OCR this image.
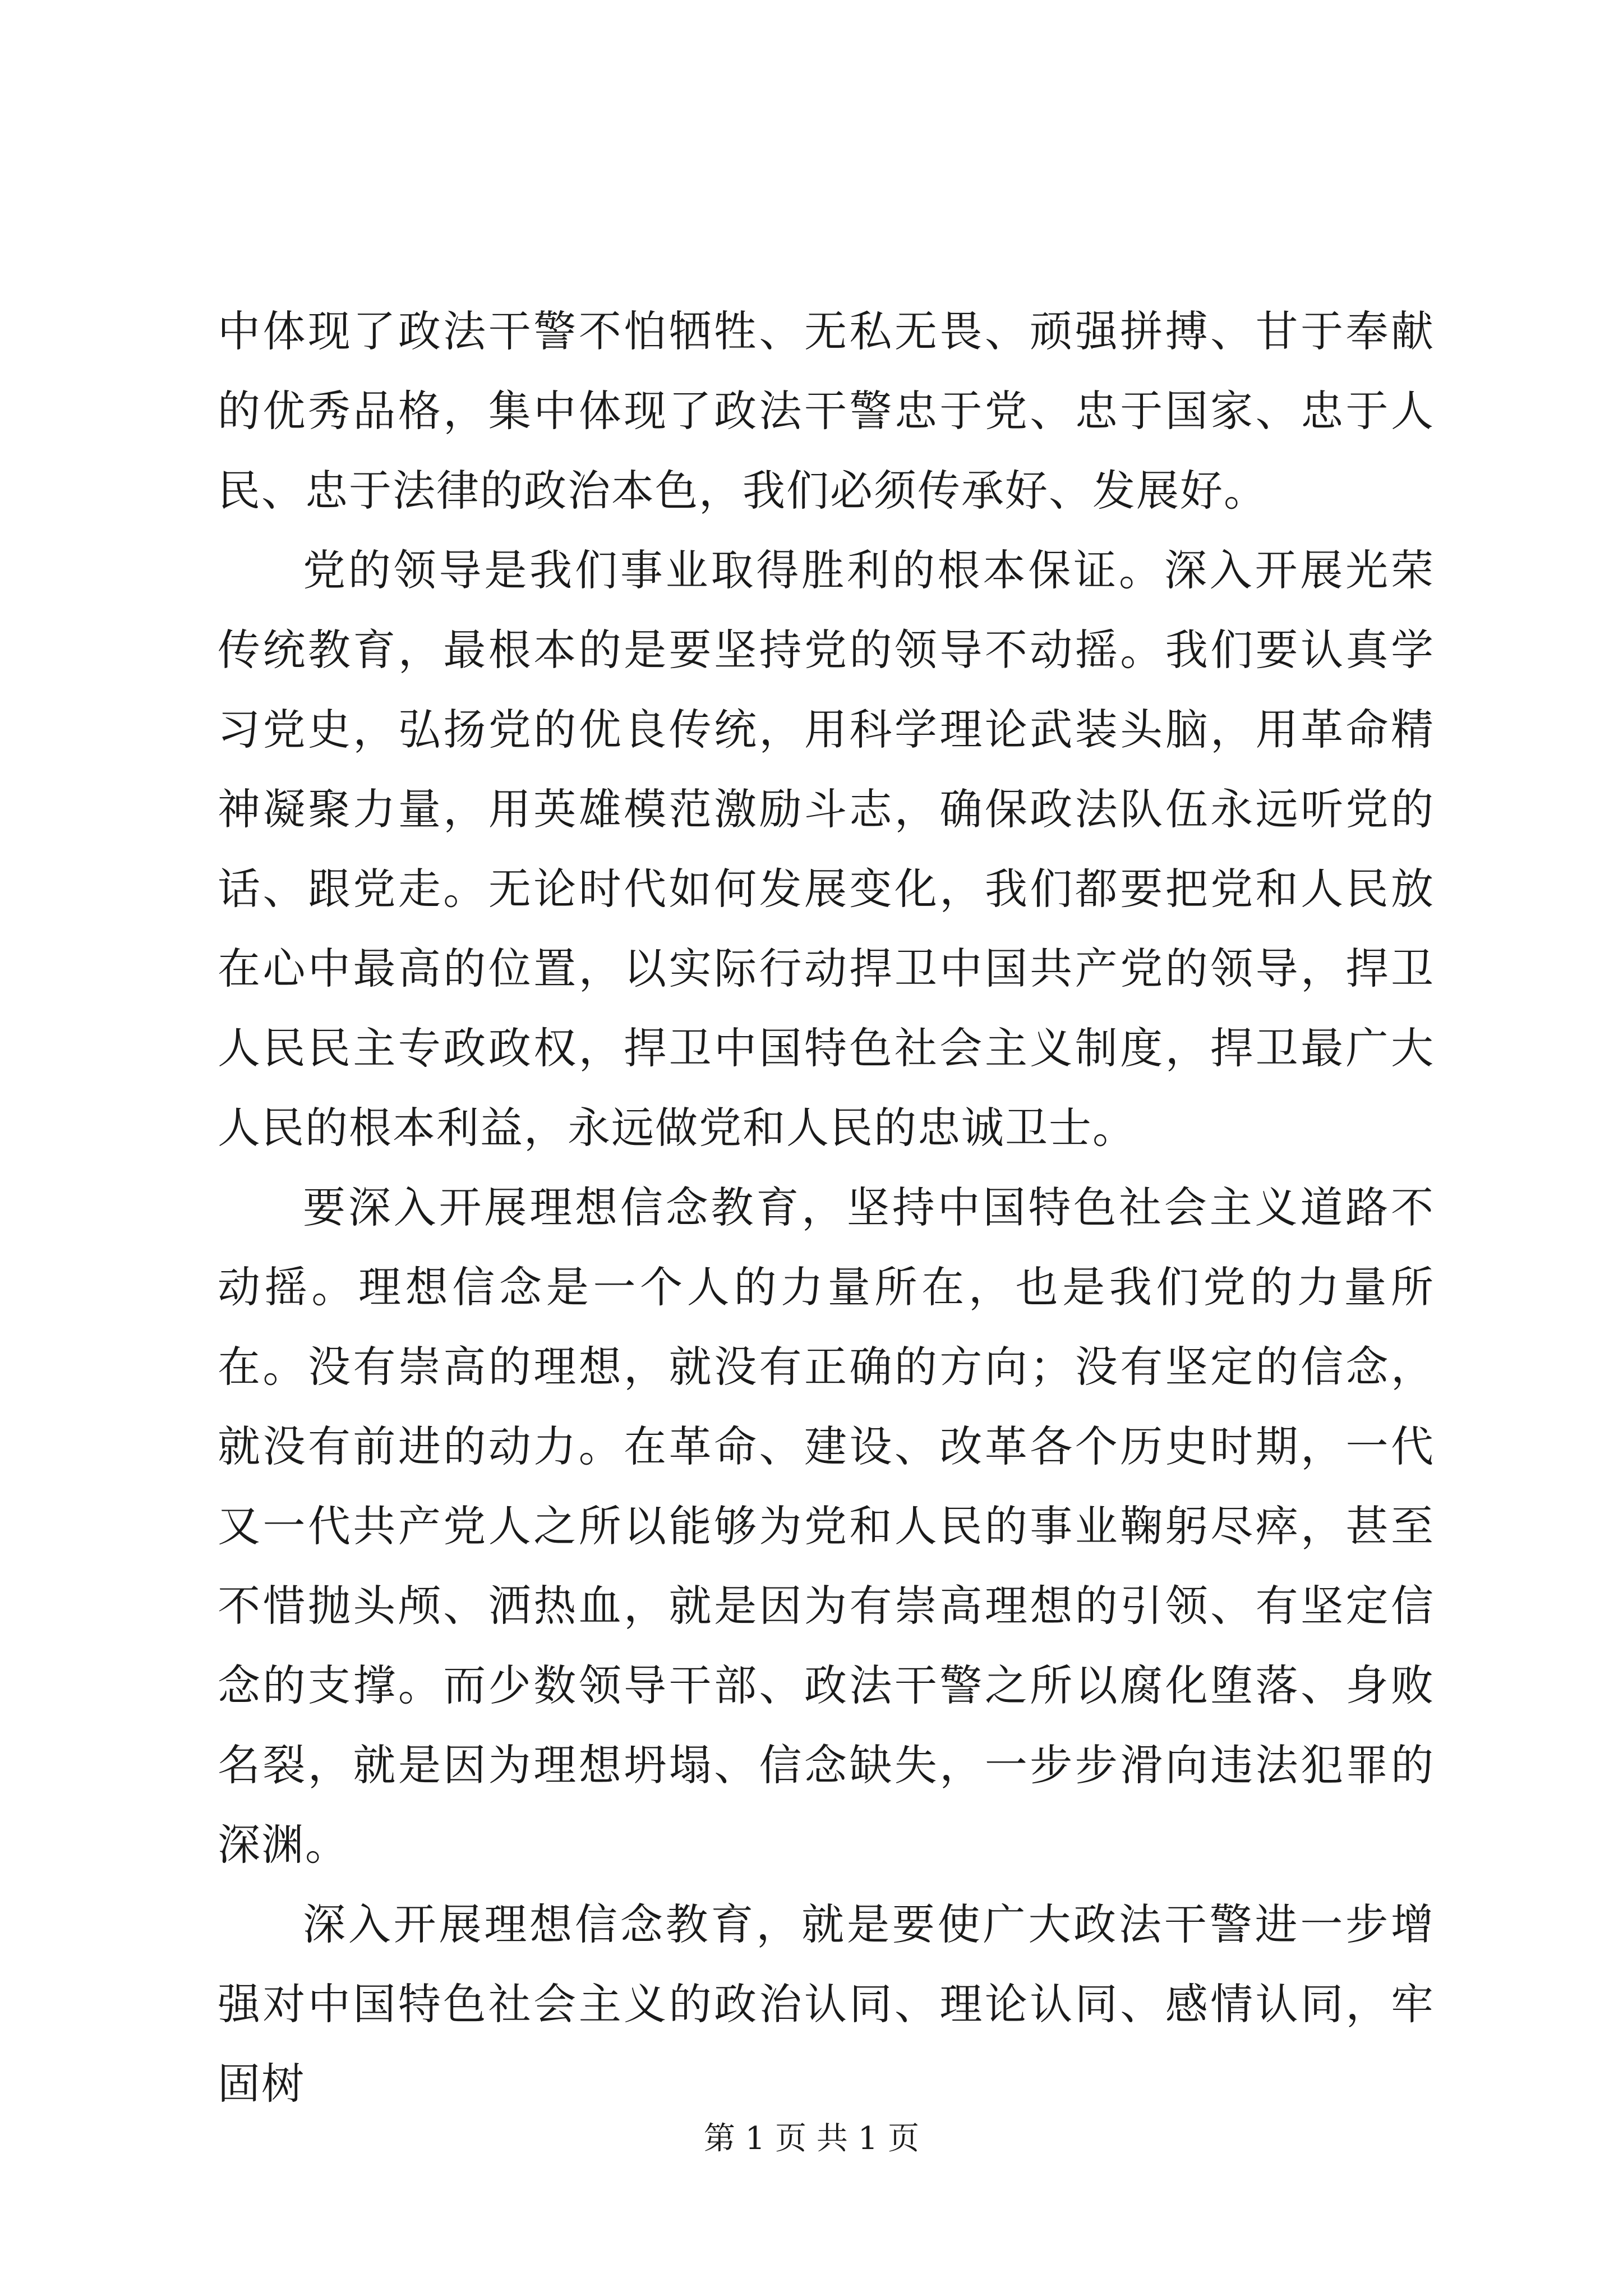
中体现了政法干警不怕牺牲、无私无畏、顽强拼搏、甘于奉献的优秀品格，集中体现了政法干警忠于党、忠于国家、忠于人民、忠于法律的政治本色，我们必须传承好、发展好。

党的领导是我们事业取得胜利的根本保证。深入开展光荣传统教育，最根本的是要坚持党的领导不动摇。我们要认真学习党史，弘扬党的优良传统，用科学理论武装头脑，用革命精神凝聚力量，用英雄模范激励斗志，确保政法队伍永远听党的话、跟党走。无论时代如何发展变化，我们都要把党和人民放在心中最高的位置，以实际行动捍卫中国共产党的领导，捍卫人民民主专政政权，捍卫中国特色社会主义制度，捍卫最广大人民的根本利益，永远做党和人民的忠诚卫士。

要深入开展理想信念教育，坚持中国特色社会主义道路不动摇。理想信念是一个人的力量所在，也是我们党的力量所在。没有崇高的理想，就没有正确的方向；没有坚定的信念，就没有前进的动力。在革命、建设、改革各个历史时期，一代又一代共产党人之所以能够为党和人民的事业鞠躬尽瘁，甚至不惜抛头颅、洒热血，就是因为有崇高理想的引领、有坚定信念的支撑。而少数领导干部、政法干警之所以腐化堕落、身败名裂，就是因为理想坍塌、信念缺失，一步步滑向违法犯罪的深渊。

深入开展理想信念教育，就是要使广大政法干警进一步增强对中国特色社会主义的政治认同、理论认同、感情认同，牢固树

第 1 页 共 1 页
